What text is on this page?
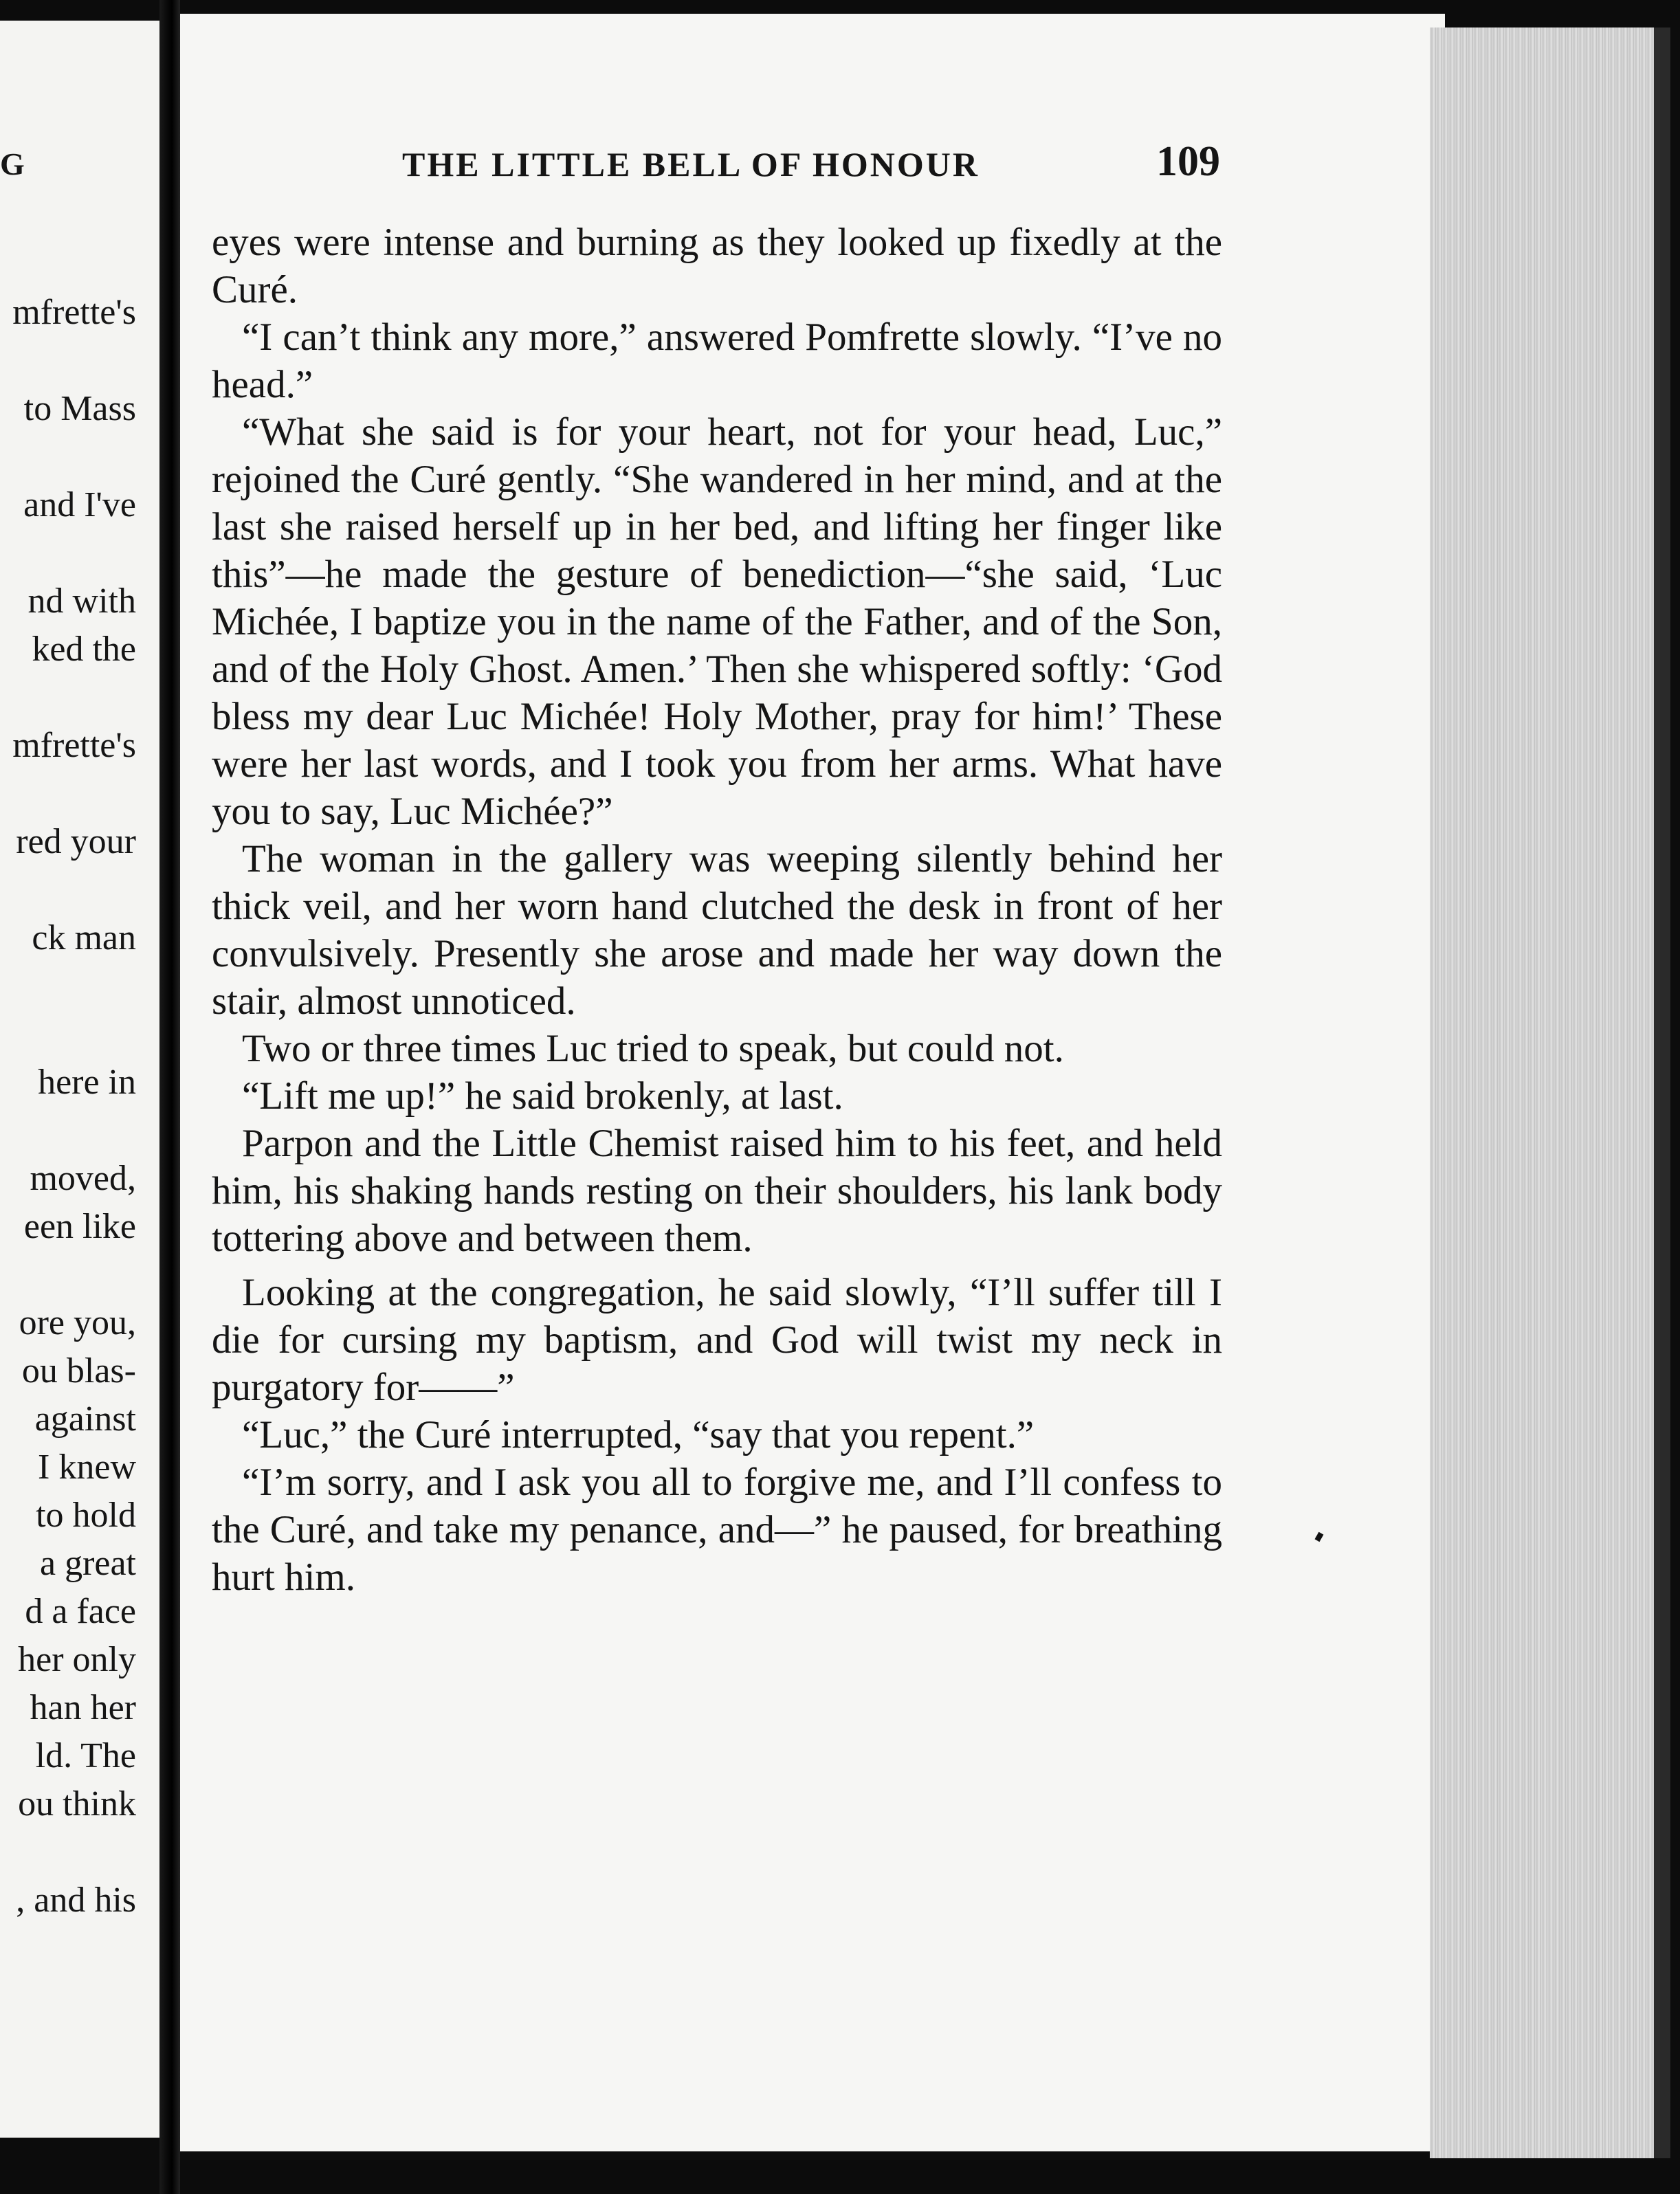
G
mfrette's
to Mass
and I've
nd with
ked the
mfrette's
red your
ck man
here in
moved,
een like
ore you,
ou blas-
against
I knew
to hold
a great
d a face
her only
han her
ld. The
ou think
, and his
THE LITTLE BELL OF HONOUR	109

eyes were intense and burning as they looked up fixedly at the Curé.

“I can’t think any more,” answered Pomfrette slowly. “I’ve no head.”

“What she said is for your heart, not for your head, Luc,” rejoined the Curé gently. “She wandered in her mind, and at the last she raised herself up in her bed, and lifting her finger like this”—he made the gesture of benediction—“she said, ‘Luc Michée, I baptize you in the name of the Father, and of the Son, and of the Holy Ghost. Amen.’ Then she whispered softly: ‘God bless my dear Luc Michée! Holy Mother, pray for him!’ These were her last words, and I took you from her arms. What have you to say, Luc Michée?”

The woman in the gallery was weeping silently behind her thick veil, and her worn hand clutched the desk in front of her convulsively. Presently she arose and made her way down the stair, almost unnoticed.

Two or three times Luc tried to speak, but could not.

“Lift me up!” he said brokenly, at last.

Parpon and the Little Chemist raised him to his feet, and held him, his shaking hands resting on their shoulders, his lank body tottering above and between them.

Looking at the congregation, he said slowly, “I’ll suffer till I die for cursing my baptism, and God will twist my neck in purgatory for——”

“Luc,” the Curé interrupted, “say that you repent.”

“I’m sorry, and I ask you all to forgive me, and I’ll confess to the Curé, and take my penance, and—” he paused, for breathing hurt him.
